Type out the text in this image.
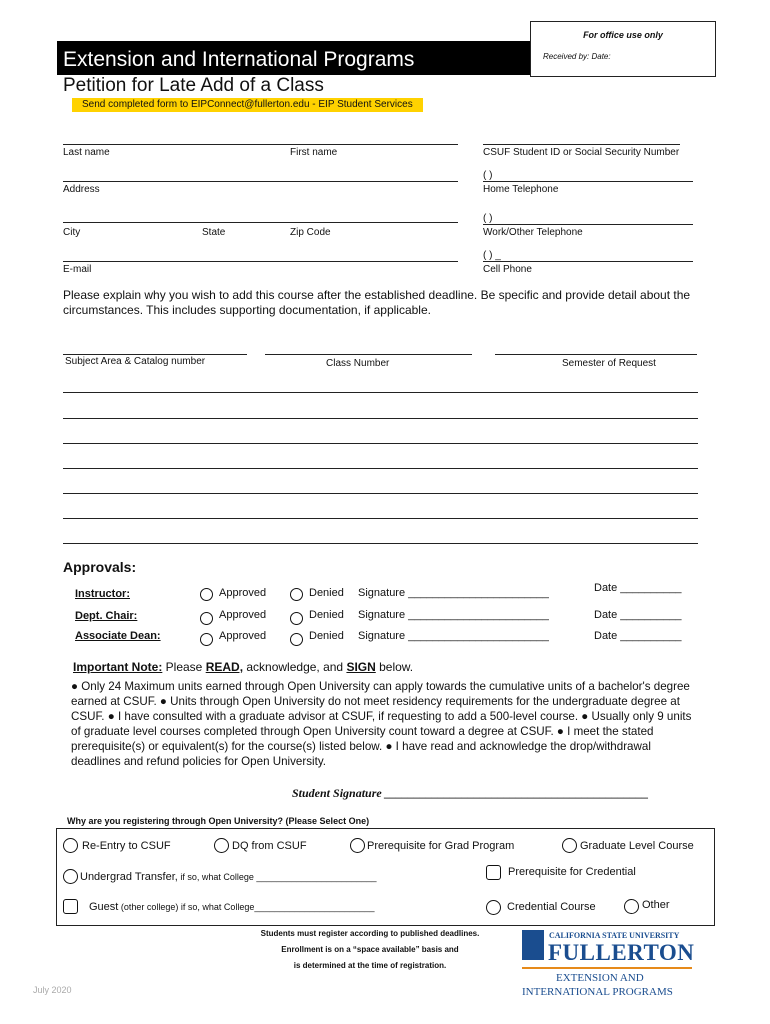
Extension and International Programs
For office use only
Received by: Date:
Petition for Late Add of a Class
Send completed form to EIPConnect@fullerton.edu - EIP Student Services
Last name	First name	CSUF Student ID or Social Security Number
Address
( )
Home Telephone
City	State	Zip Code
( )
Work/Other Telephone
E-mail
( ) _
Cell Phone
Please explain why you wish to add this course after the established deadline. Be specific and provide detail about the circumstances. This includes supporting documentation, if applicable.
Subject Area & Catalog number	Class Number	Semester of Request
Approvals:
Instructor:	Approved	Denied Signature _______________________	Date __________
Dept. Chair:	Approved	Denied Signature _______________________	Date __________
Associate Dean:	Approved	Denied Signature _______________________	Date __________
Important Note: Please READ, acknowledge, and SIGN below.
● Only 24 Maximum units earned through Open University can apply towards the cumulative units of a bachelor's degree earned at CSUF. ● Units through Open University do not meet residency requirements for the undergraduate degree at CSUF. ● I have consulted with a graduate advisor at CSUF, if requesting to add a 500-level course. ● Usually only 9 units of graduate level courses completed through Open University count toward a degree at CSUF. ● I meet the stated prerequisite(s) or equivalent(s) for the course(s) listed below. ● I have read and acknowledge the drop/withdrawal deadlines and refund policies for Open University.
Student Signature ____________________________________________
Why are you registering through Open University? (Please Select One)
Re-Entry to CSUF	DQ from CSUF	Prerequisite for Grad Program	Graduate Level Course
Undergrad Transfer, if so, what College ________________________	Prerequisite for Credential
Guest (other college) if so, what College________________________	Credential Course	Other
Students must register according to published deadlines.
Enrollment is on a “space available” basis and
is determined at the time of registration.
July 2020
CALIFORNIA STATE UNIVERSITY
FULLERTON
EXTENSION AND
INTERNATIONAL PROGRAMS
